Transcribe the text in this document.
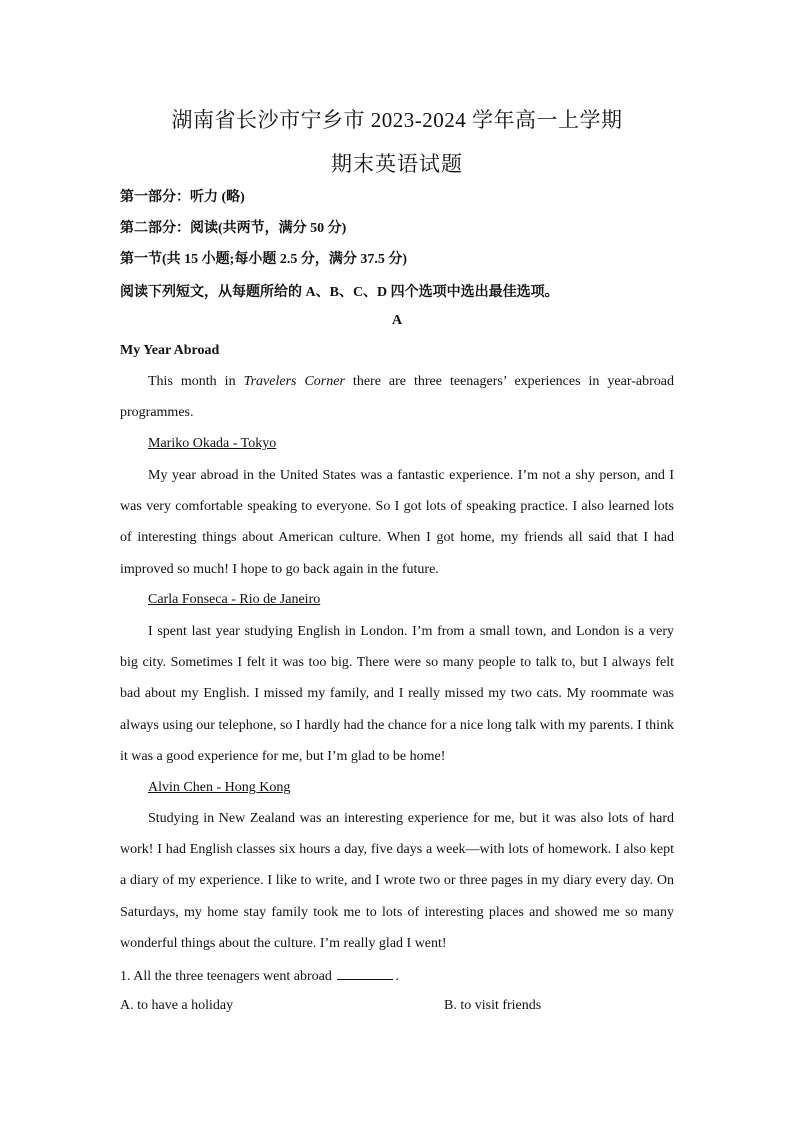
湖南省长沙市宁乡市 2023-2024 学年高一上学期
期末英语试题
第一部分：听力 (略)
第二部分：阅读(共两节，满分 50 分)
第一节(共 15 小题;每小题 2.5 分，满分 37.5 分)
阅读下列短文，从每题所给的 A、B、C、D 四个选项中选出最佳选项。
A
My Year Abroad
This month in Travelers Corner there are three teenagers’ experiences in year-abroad programmes.
Mariko Okada - Tokyo
My year abroad in the United States was a fantastic experience. I’m not a shy person, and I was very comfortable speaking to everyone. So I got lots of speaking practice. I also learned lots of interesting things about American culture. When I got home, my friends all said that I had improved so much! I hope to go back again in the future.
Carla Fonseca - Rio de Janeiro
I spent last year studying English in London. I’m from a small town, and London is a very big city. Sometimes I felt it was too big. There were so many people to talk to, but I always felt bad about my English. I missed my family, and I really missed my two cats. My roommate was always using our telephone, so I hardly had the chance for a nice long talk with my parents. I think it was a good experience for me, but I’m glad to be home!
Alvin Chen - Hong Kong
Studying in New Zealand was an interesting experience for me, but it was also lots of hard work! I had English classes six hours a day, five days a week—with lots of homework. I also kept a diary of my experience. I like to write, and I wrote two or three pages in my diary every day. On Saturdays, my home stay family took me to lots of interesting places and showed me so many wonderful things about the culture. I’m really glad I went!
1. All the three teenagers went abroad	.
A. to have a holiday	B. to visit friends
